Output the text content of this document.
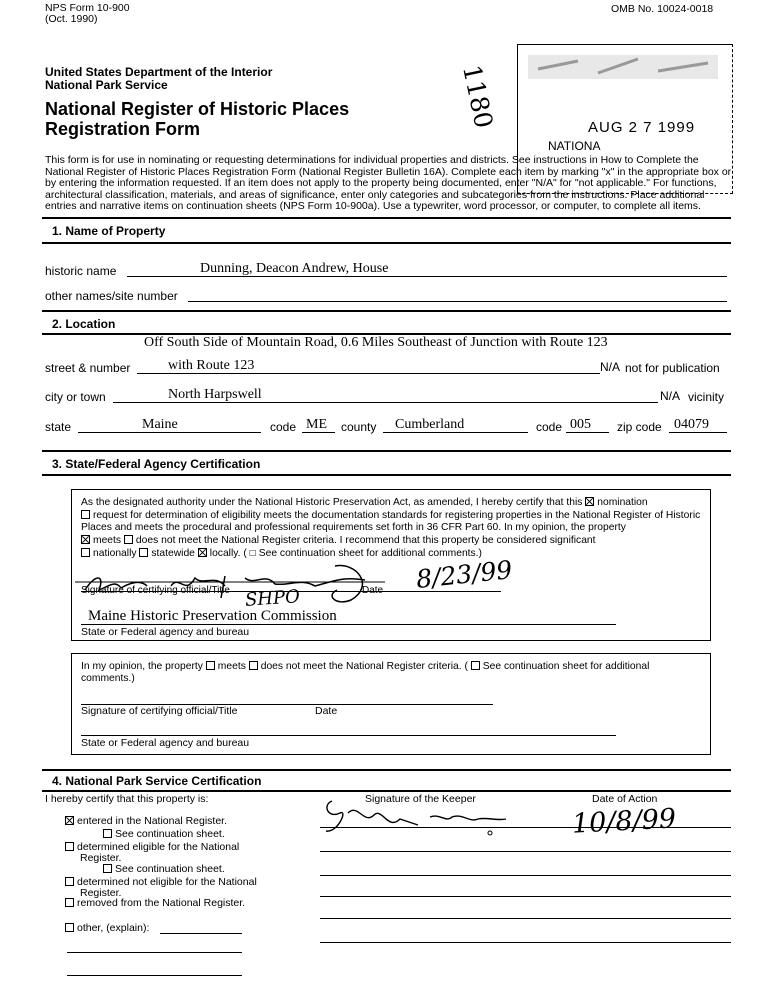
NPS Form 10-900
(Oct. 1990)
OMB No. 10024-0018
United States Department of the Interior
National Park Service
National Register of Historic Places
Registration Form	1180	AUG 2 7 1999
NATIONA
This form is for use in nominating or requesting determinations for individual properties and districts. See instructions in How to Complete the National Register of Historic Places Registration Form (National Register Bulletin 16A). Complete each item by marking "x" in the appropriate box or by entering the information requested. If an item does not apply to the property being documented, enter "N/A" for "not applicable." For functions, architectural classification, materials, and areas of significance, enter only categories and subcategories from the instructions. Place additional entries and narrative items on continuation sheets (NPS Form 10-900a). Use a typewriter, word processor, or computer, to complete all items.
1. Name of Property
historic name	Dunning, Deacon Andrew, House
other names/site number
2. Location
Off South Side of Mountain Road, 0.6 Miles Southeast of Junction with Route 123
street & number	with Route 123	N/A not for publication
city or town	North Harpswell	N/A vicinity
state	Maine	code ME county Cumberland	code 005 zip code 04079
3. State/Federal Agency Certification
As the designated authority under the National Historic Preservation Act, as amended, I hereby certify that this nomination
request for determination of eligibility meets the documentation standards for registering properties in the National Register of Historic Places and meets the procedural and professional requirements set forth in 36 CFR Part 60. In my opinion, the property
meets does not meet the National Register criteria. I recommend that this property be considered significant
nationally statewide locally. ( □ See continuation sheet for additional comments.)
8/23/99
Signature of certifying official/Title	Date
SHPO
Maine Historic Preservation Commission
State or Federal agency and bureau
In my opinion, the property meets does not meet the National Register criteria. ( See continuation sheet for additional comments.)
Signature of certifying official/Title	Date
State or Federal agency and bureau
4. National Park Service Certification
I hereby certify that this property is:	Signature of the Keeper	Date of Action
entered in the National Register.
See continuation sheet.
determined eligible for the National Register.
See continuation sheet.
determined not eligible for the National Register.
removed from the National Register.
other, (explain):
10/8/99
